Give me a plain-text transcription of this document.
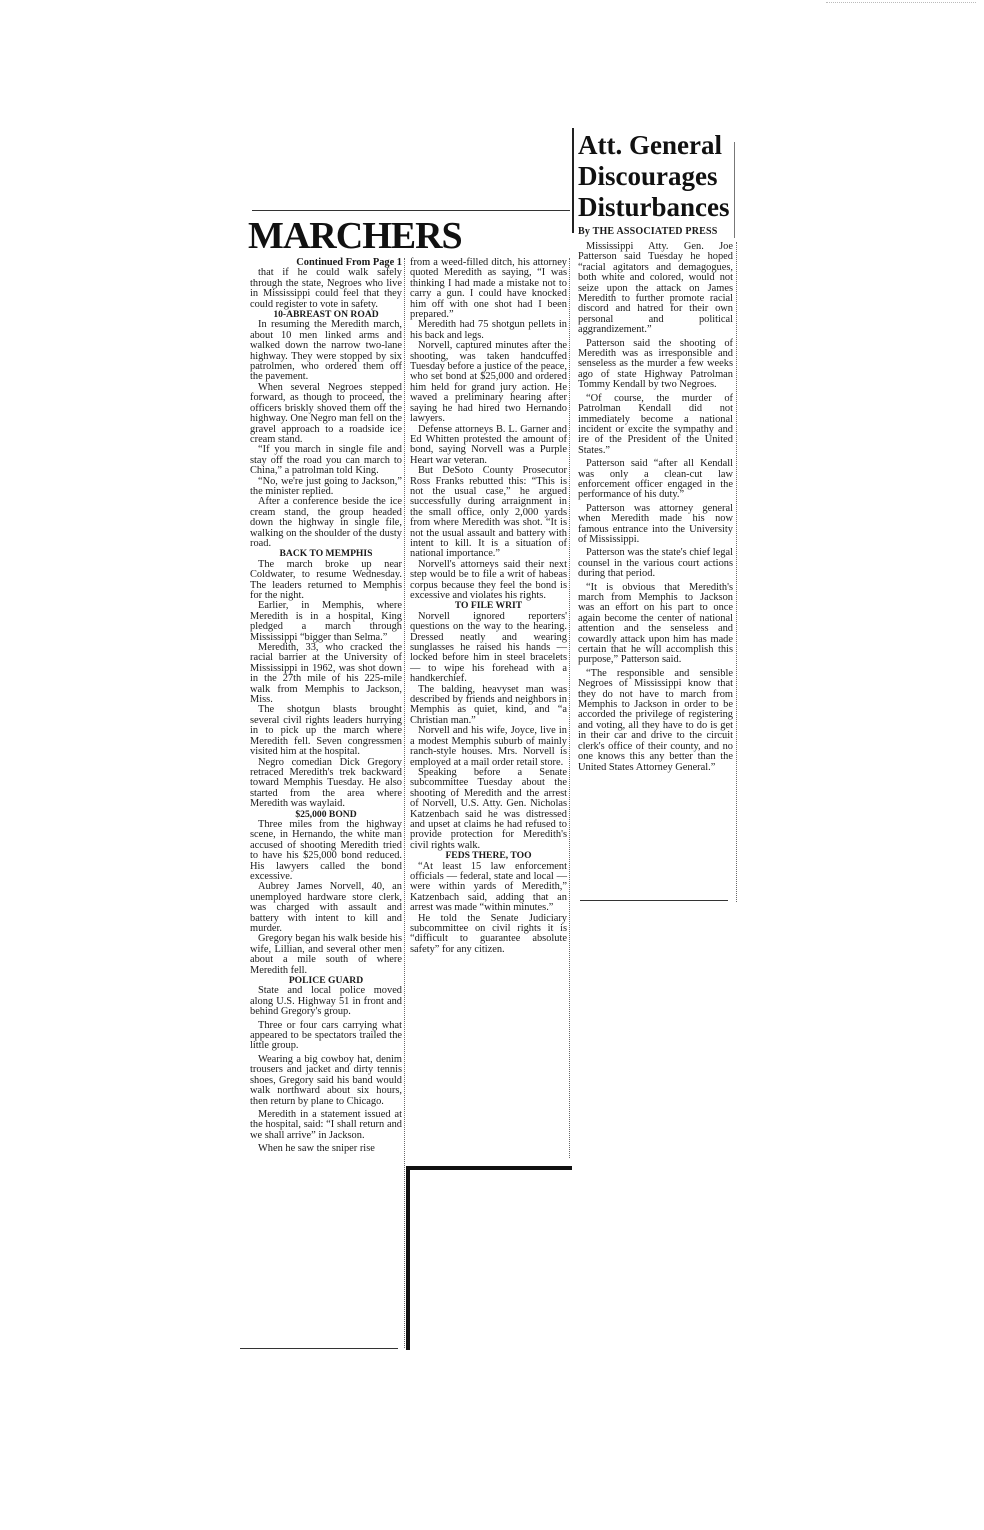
MARCHERS
Att. General
Discourages
Disturbances
By THE ASSOCIATED PRESS

Continued From Page 1

that if he could walk safely through the state, Negroes who live in Mississippi could feel that they could register to vote in safety.

10-ABREAST ON ROAD

In resuming the Meredith march, about 10 men linked arms and walked down the narrow two-lane highway. They were stopped by six patrolmen, who ordered them off the pavement.

When several Negroes stepped forward, as though to proceed, the officers briskly shoved them off the highway. One Negro man fell on the gravel approach to a roadside ice cream stand.

“If you march in single file and stay off the road you can march to China,” a patrolman told King.

“No, we're just going to Jackson,” the minister replied.

After a conference beside the ice cream stand, the group headed down the highway in single file, walking on the shoulder of the dusty road.

BACK TO MEMPHIS

The march broke up near Coldwater, to resume Wednesday. The leaders returned to Memphis for the night.

Earlier, in Memphis, where Meredith is in a hospital, King pledged a march through Mississippi “bigger than Selma.”

Meredith, 33, who cracked the racial barrier at the University of Mississippi in 1962, was shot down in the 27th mile of his 225-mile walk from Memphis to Jackson, Miss.

The shotgun blasts brought several civil rights leaders hurrying in to pick up the march where Meredith fell. Seven congressmen visited him at the hospital.

Negro comedian Dick Gregory retraced Meredith's trek backward toward Memphis Tuesday. He also started from the area where Meredith was waylaid.

$25,000 BOND

Three miles from the highway scene, in Hernando, the white man accused of shooting Meredith tried to have his $25,000 bond reduced. His lawyers called the bond excessive.

Aubrey James Norvell, 40, an unemployed hardware store clerk, was charged with assault and battery with intent to kill and murder.

Gregory began his walk beside his wife, Lillian, and several other men about a mile south of where Meredith fell.

POLICE GUARD

State and local police moved along U.S. Highway 51 in front and behind Gregory's group.

Three or four cars carrying what appeared to be spectators trailed the little group.

Wearing a big cowboy hat, denim trousers and jacket and dirty tennis shoes, Gregory said his band would walk northward about six hours, then return by plane to Chicago.

Meredith in a statement issued at the hospital, said: “I shall return and we shall arrive” in Jackson.

When he saw the sniper rise

from a weed-filled ditch, his attorney quoted Meredith as saying, “I was thinking I had made a mistake not to carry a gun. I could have knocked him off with one shot had I been prepared.”

Meredith had 75 shotgun pellets in his back and legs.

Norvell, captured minutes after the shooting, was taken handcuffed Tuesday before a justice of the peace, who set bond at $25,000 and ordered him held for grand jury action. He waved a preliminary hearing after saying he had hired two Hernando lawyers.

Defense attorneys B. L. Garner and Ed Whitten protested the amount of bond, saying Norvell was a Purple Heart war veteran.

But DeSoto County Prosecutor Ross Franks rebutted this: “This is not the usual case,” he argued successfully during arraignment in the small office, only 2,000 yards from where Meredith was shot. “It is not the usual assault and battery with intent to kill. It is a situation of national importance.”

Norvell's attorneys said their next step would be to file a writ of habeas corpus because they feel the bond is excessive and violates his rights.

TO FILE WRIT

Norvell ignored reporters' questions on the way to the hearing. Dressed neatly and wearing sunglasses he raised his hands — locked before him in steel bracelets — to wipe his forehead with a handkerchief.

The balding, heavyset man was described by friends and neighbors in Memphis as quiet, kind, and “a Christian man.”

Norvell and his wife, Joyce, live in a modest Memphis suburb of mainly ranch-style houses. Mrs. Norvell is employed at a mail order retail store.

Speaking before a Senate subcommittee Tuesday about the shooting of Meredith and the arrest of Norvell, U.S. Atty. Gen. Nicholas Katzenbach said he was distressed and upset at claims he had refused to provide protection for Meredith's civil rights walk.

FEDS THERE, TOO

“At least 15 law enforcement officials — federal, state and local — were within yards of Meredith,” Katzenbach said, adding that an arrest was made “within minutes.”

He told the Senate Judiciary subcommittee on civil rights it is “difficult to guarantee absolute safety” for any citizen.

Mississippi Atty. Gen. Joe Patterson said Tuesday he hoped “racial agitators and demagogues, both white and colored, would not seize upon the attack on James Meredith to further promote racial discord and hatred for their own personal and political aggrandizement.”

Patterson said the shooting of Meredith was as irresponsible and senseless as the murder a few weeks ago of state Highway Patrolman Tommy Kendall by two Negroes.

“Of course, the murder of Patrolman Kendall did not immediately become a national incident or excite the sympathy and ire of the President of the United States.”

Patterson said “after all Kendall was only a clean-cut law enforcement officer engaged in the performance of his duty.”

Patterson was attorney general when Meredith made his now famous entrance into the University of Mississippi.

Patterson was the state's chief legal counsel in the various court actions during that period.

“It is obvious that Meredith's march from Memphis to Jackson was an effort on his part to once again become the center of national attention and the senseless and cowardly attack upon him has made certain that he will accomplish this purpose,” Patterson said.

“The responsible and sensible Negroes of Mississippi know that they do not have to march from Memphis to Jackson in order to be accorded the privilege of registering and voting, all they have to do is get in their car and drive to the circuit clerk's office of their county, and no one knows this any better than the United States Attorney General.”
